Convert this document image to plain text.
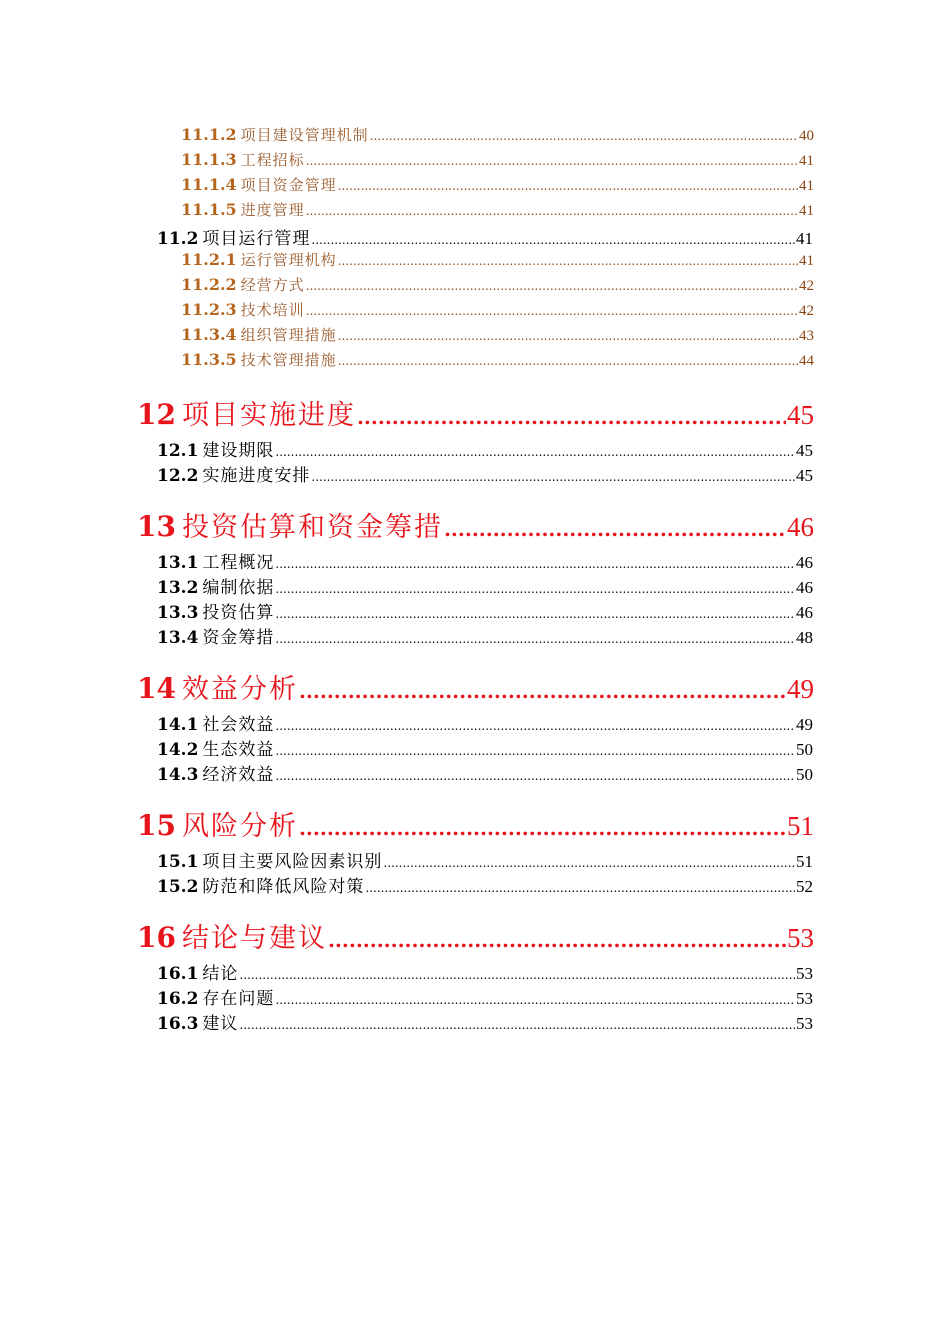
11.1.2 项目建设管理机制 .....	40
11.1.3 工程招标 .....	41
11.1.4 项目资金管理 .....	41
11.1.5 进度管理 .....	41
11.2 项目运行管理 .....	41
11.2.1 运行管理机构 .....	41
11.2.2 经营方式 .....	42
11.2.3 技术培训 .....	42
11.3.4 组织管理措施 .....	43
11.3.5 技术管理措施 .....	44
12 项目实施进度 .....	45
12.1 建设期限 .....	45
12.2 实施进度安排 .....	45
13 投资估算和资金筹措 .....	46
13.1 工程概况 .....	46
13.2 编制依据 .....	46
13.3 投资估算 .....	46
13.4 资金筹措 .....	48
14 效益分析 .....	49
14.1 社会效益 .....	49
14.2 生态效益 .....	50
14.3 经济效益 .....	50
15 风险分析 .....	51
15.1 项目主要风险因素识别 .....	51
15.2 防范和降低风险对策 .....	52
16 结论与建议 .....	53
16.1 结论 .....	53
16.2 存在问题 .....	53
16.3 建议 .....	53
